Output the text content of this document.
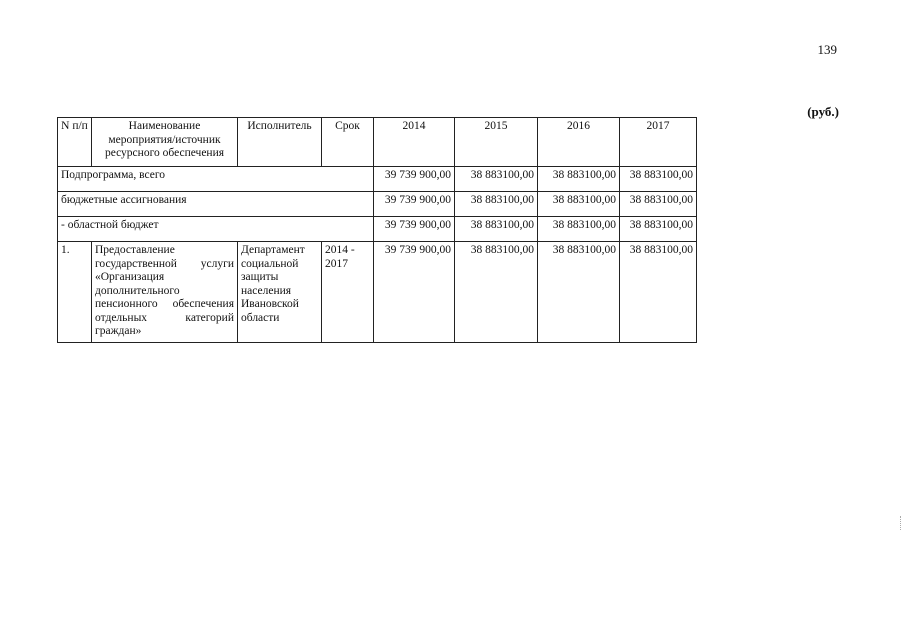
139
(руб.)
N п/п	Наименование мероприятия/источник ресурсного обеспечения	Исполнитель	Срок	2014	2015	2016	2017
Подпрограмма, всего				39 739 900,00	38 883100,00	38 883100,00	38 883100,00
бюджетные ассигнования				39 739 900,00	38 883100,00	38 883100,00	38 883100,00
- областной бюджет				39 739 900,00	38 883100,00	38 883100,00	38 883100,00
1.	Предоставление государственной услуги «Организация дополнительного пенсионного обеспечения отдельных категорий граждан»	Департамент социальной защиты населения Ивановской области	2014 - 2017	39 739 900,00	38 883100,00	38 883100,00	38 883100,00
